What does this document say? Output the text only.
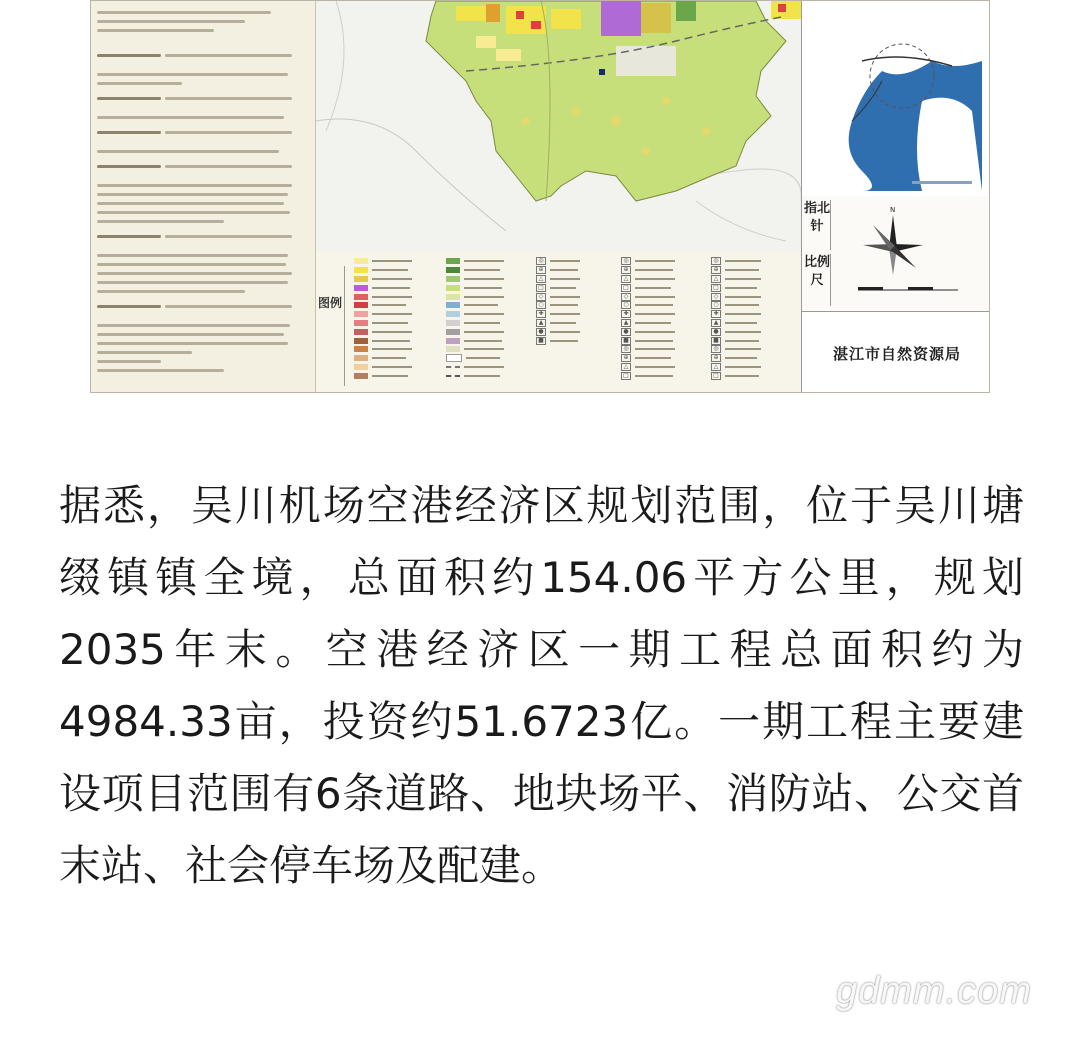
指北针
比例尺
N
图例
◎
⊕
△
□
◇
○
✚
▲
●
■
◎
⊕
△
□
◇
○
✚
▲
●
■
◎
⊕
△
□
◎
⊕
△
□
◇
○
✚
▲
●
■
◎
⊕
△
□
湛江市自然资源局

据悉，吴川机场空港经济区规划范围，位于吴川塘缀镇镇全境，总面积约154.06平方公里，规划2035年末。空港经济区一期工程总面积约为4984.33亩，投资约51.6723亿。一期工程主要建设项目范围有6条道路、地块场平、消防站、公交首末站、社会停车场及配建。

gdmm.com
